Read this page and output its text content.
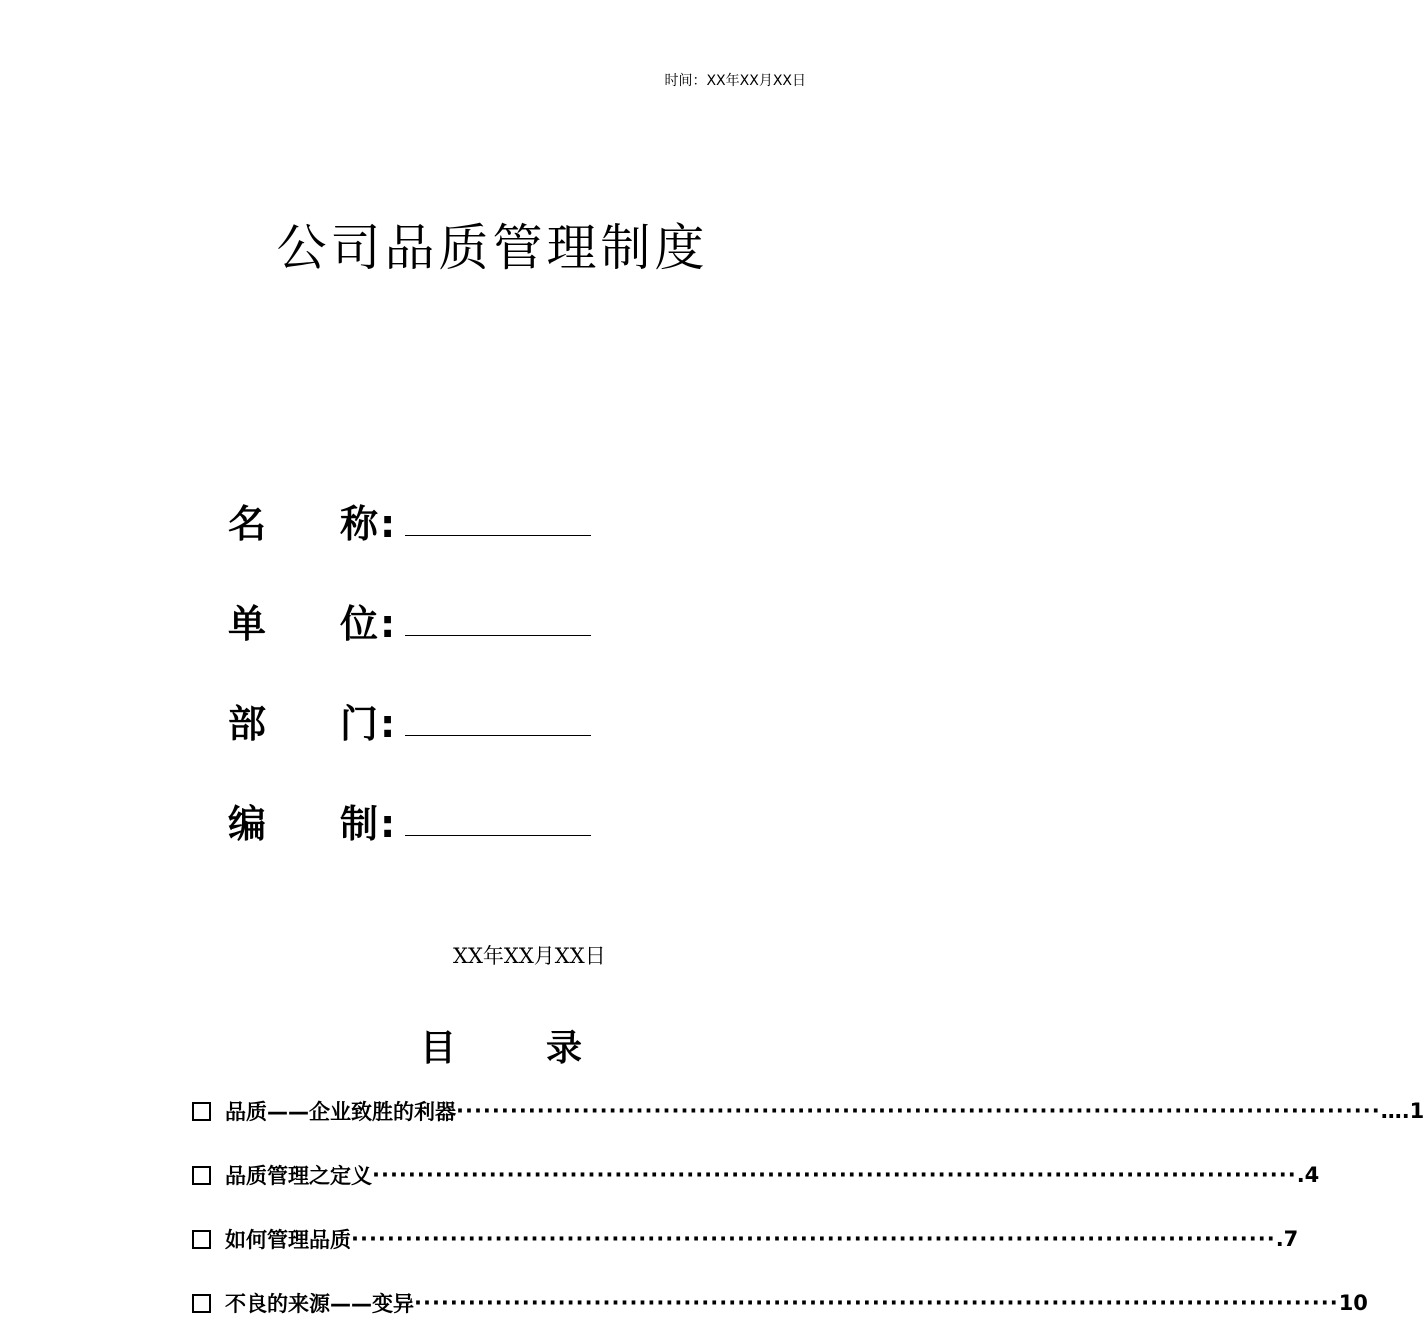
时间：XX年XX月XX日
公司品质管理制度
名 称 :
单 位 :
部 门 :
编 制 :
XX年XX月XX日
目	录
品质——企业致胜的利器 ······································································································· ….1
品质管理之定义 ······································································································· .4
如何管理品质 ······································································································· .7
不良的来源——变异 ······································································································· 10
